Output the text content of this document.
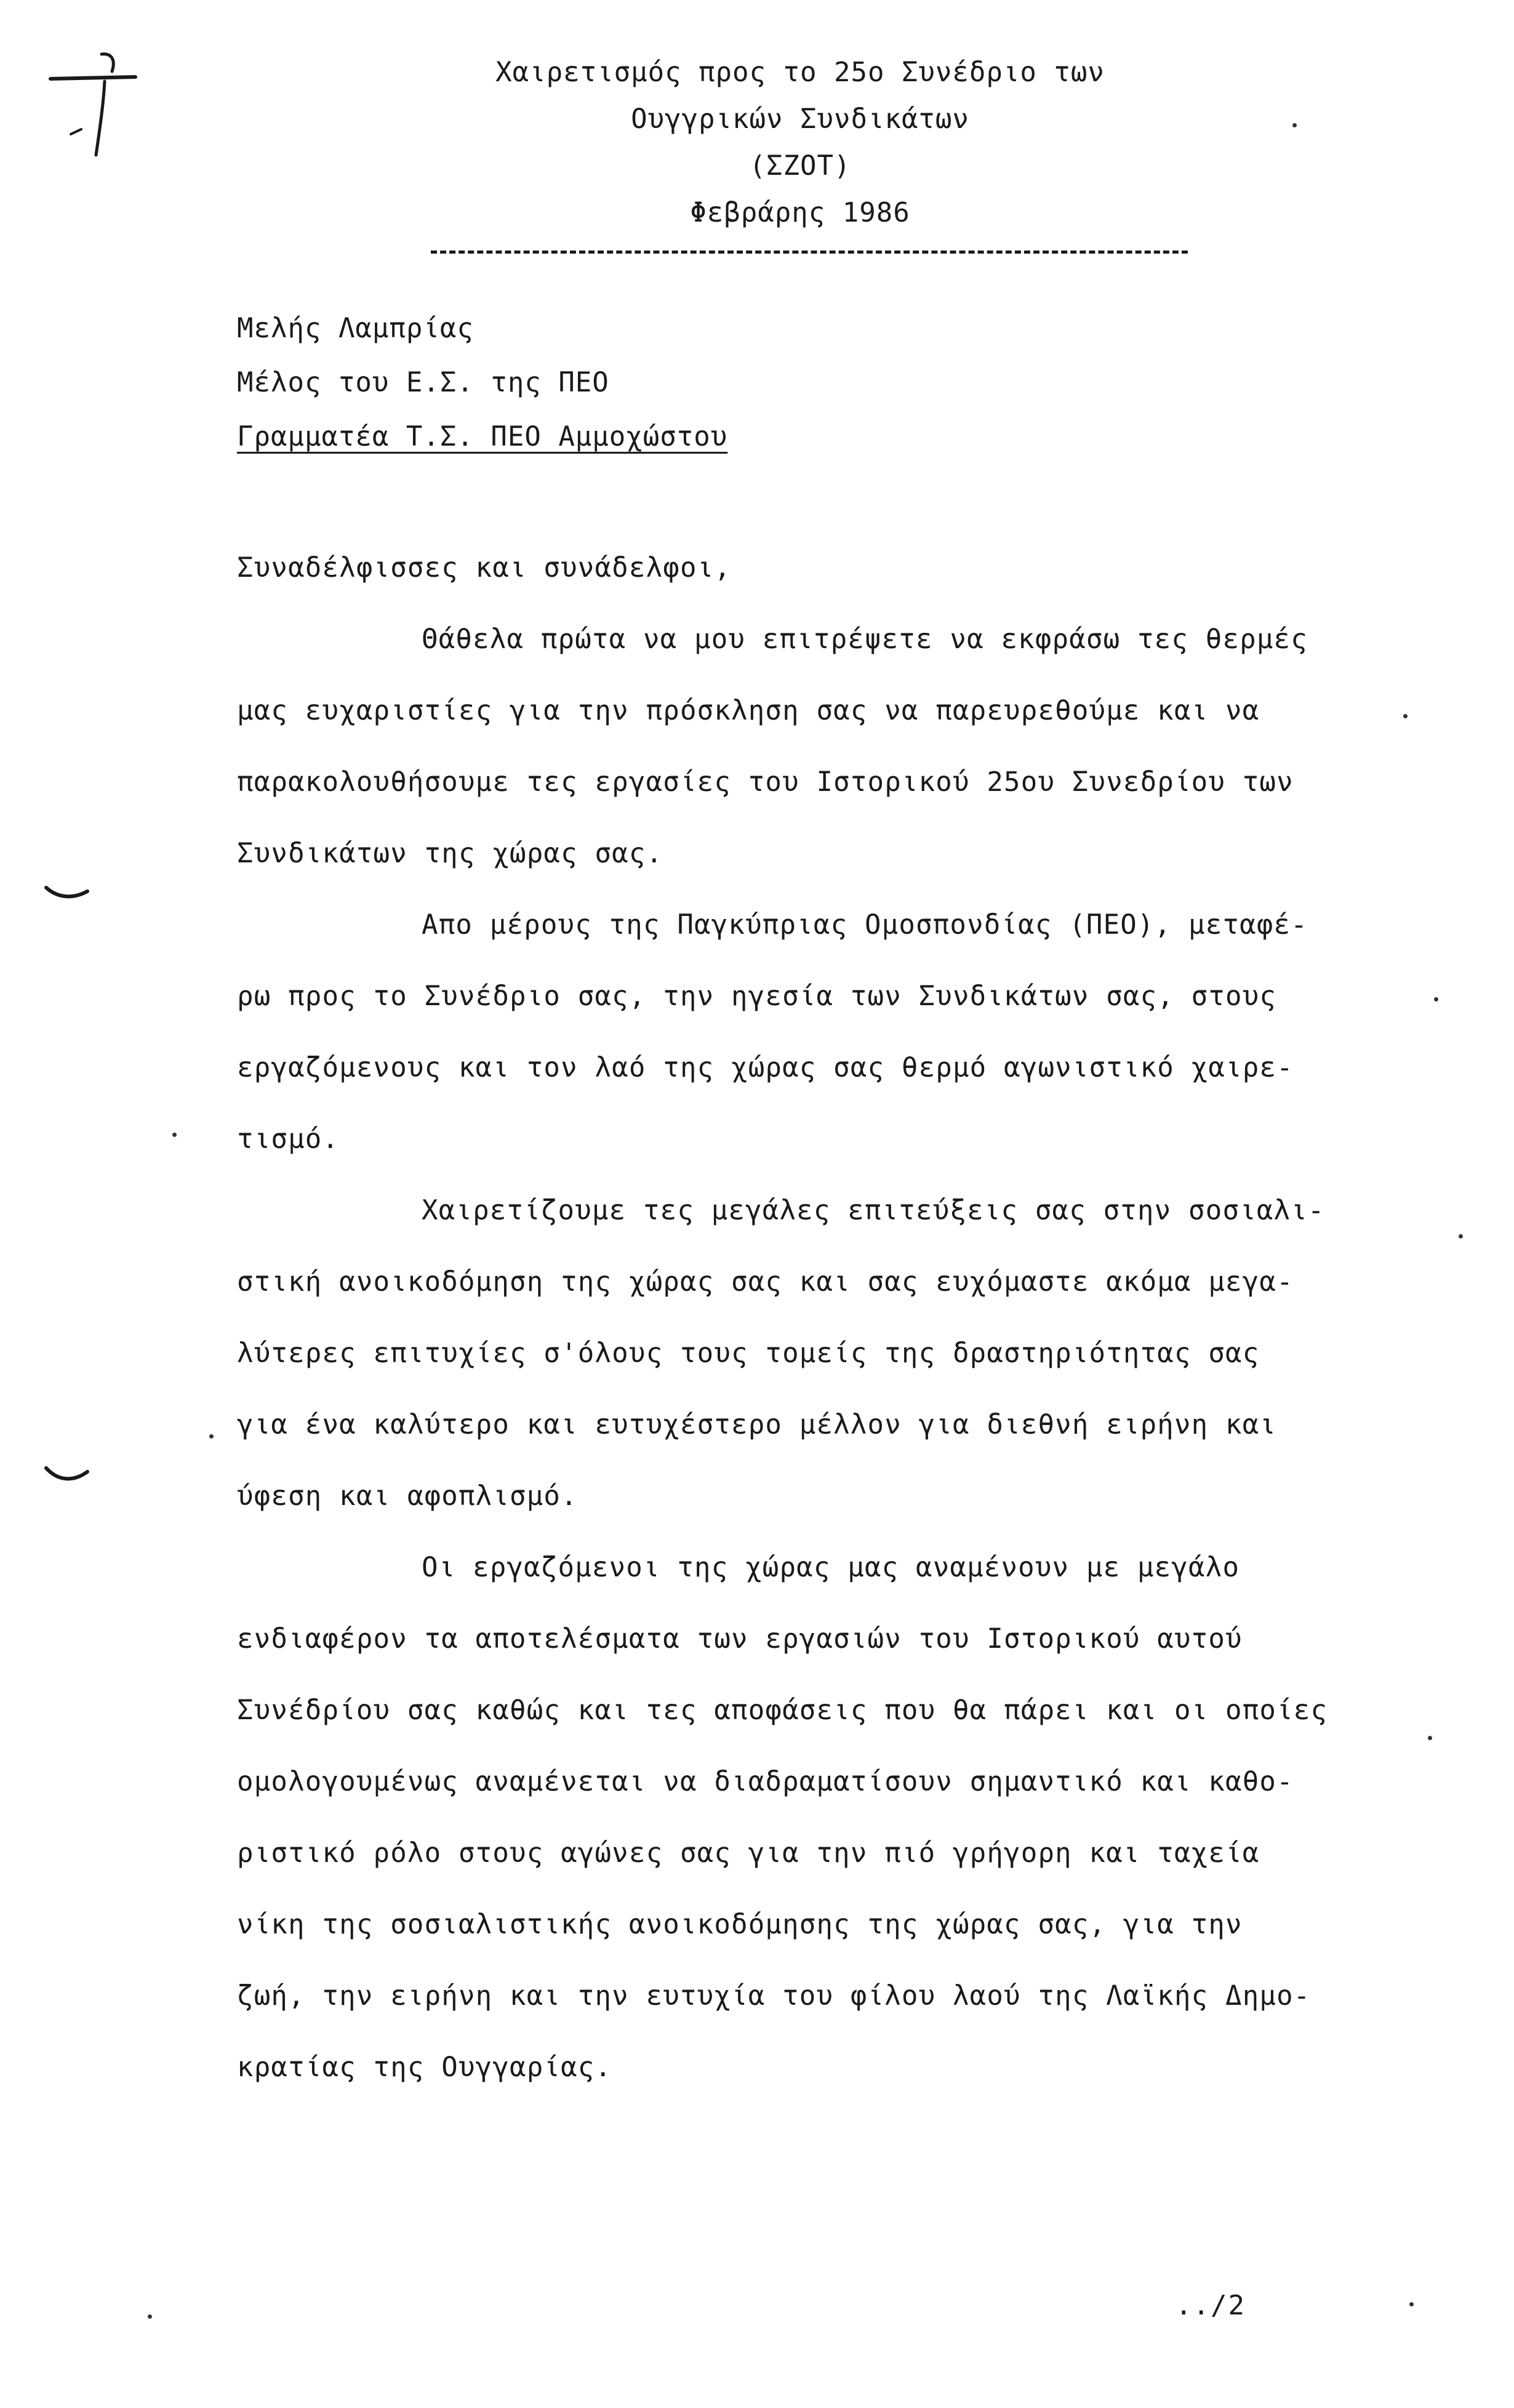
Χαιρετισμός προς το 25ο Συνέδριο των
Ουγγρικών Συνδικάτων
(ΣΖΟΤ)
Φεβράρης 1986
Μελής Λαμπρίας
Μέλος του Ε.Σ. της ΠΕΟ
Γραμματέα Τ.Σ. ΠΕΟ Αμμοχώστου
Συναδέλφισσες και συνάδελφοι,
Θάθελα πρώτα να μου επιτρέψετε να εκφράσω τες θερμές
μας ευχαριστίες για την πρόσκληση σας να παρευρεθούμε και να
παρακολουθήσουμε τες εργασίες του Ιστορικού 25ου Συνεδρίου των
Συνδικάτων της χώρας σας.
Απο μέρους της Παγκύπριας Ομοσπονδίας (ΠΕΟ), μεταφέ-
ρω προς το Συνέδριο σας, την ηγεσία των Συνδικάτων σας, στους
εργαζόμενους και τον λαό της χώρας σας θερμό αγωνιστικό χαιρε-
τισμό.
Χαιρετίζουμε τες μεγάλες επιτεύξεις σας στην σοσιαλι-
στική ανοικοδόμηση της χώρας σας και σας ευχόμαστε ακόμα μεγα-
λύτερες επιτυχίες σ'όλους τους τομείς της δραστηριότητας σας
για ένα καλύτερο και ευτυχέστερο μέλλον για διεθνή ειρήνη και
ύφεση και αφοπλισμό.
Οι εργαζόμενοι της χώρας μας αναμένουν με μεγάλο
ενδιαφέρον τα αποτελέσματα των εργασιών του Ιστορικού αυτού
Συνέδρίου σας καθώς και τες αποφάσεις που θα πάρει και οι οποίες
ομολογουμένως αναμένεται να διαδραματίσουν σημαντικό και καθο-
ριστικό ρόλο στους αγώνες σας για την πιό γρήγορη και ταχεία
νίκη της σοσιαλιστικής ανοικοδόμησης της χώρας σας, για την
ζωή, την ειρήνη και την ευτυχία του φίλου λαού της Λαϊκής Δημο-
κρατίας της Ουγγαρίας.
../2
